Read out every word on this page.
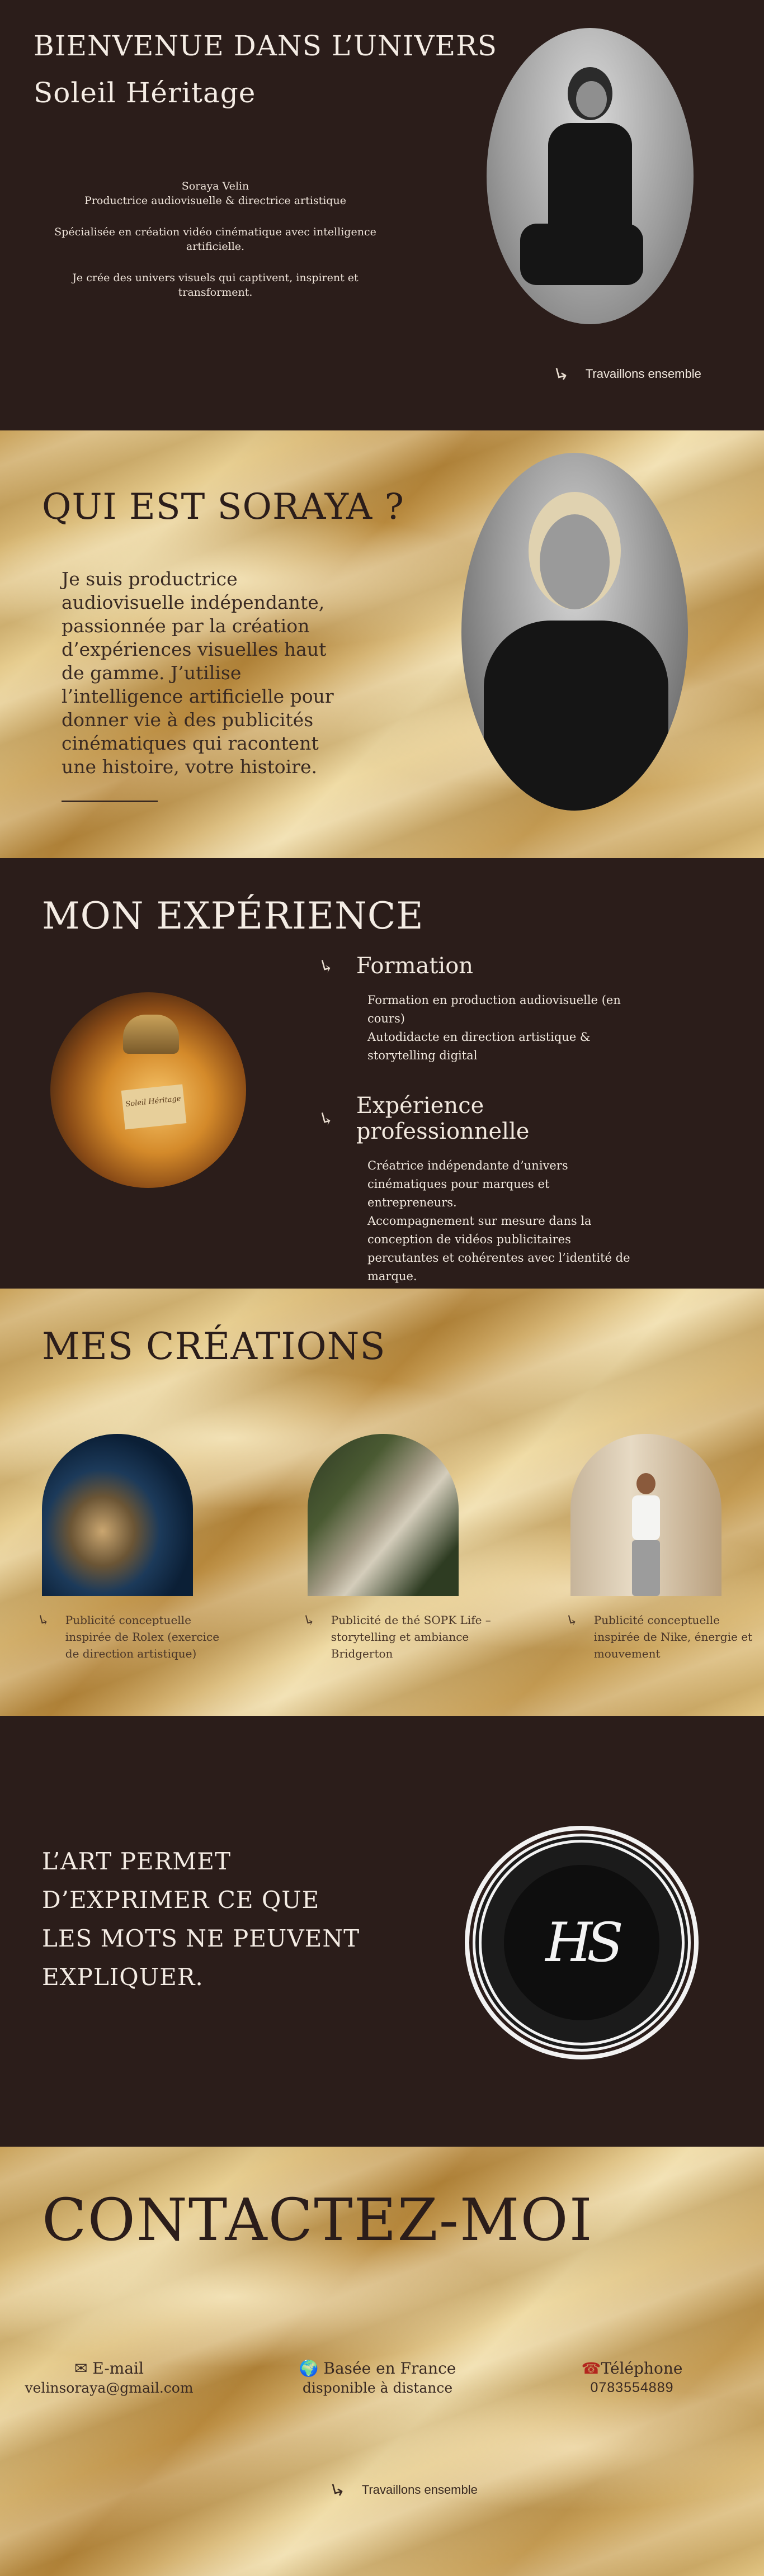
BIENVENUE DANS L’UNIVERS
Soleil Héritage

Soraya Velin
Productrice audiovisuelle & directrice artistique

Spécialisée en création vidéo cinématique avec intelligence artificielle.

Je crée des univers visuels qui captivent, inspirent et transforment.

↳ Travaillons ensemble
QUI EST SORAYA ?

Je suis productrice audiovisuelle indépendante, passionnée par la création d’expériences visuelles haut de gamme. J’utilise l’intelligence artificielle pour donner vie à des publicités cinématiques qui racontent une histoire, votre histoire.

MON EXPÉRIENCE
Soleil Héritage
↳ Formation
Formation en production audiovisuelle (en cours)
Autodidacte en direction artistique & storytelling digital
↳ Expérience professionnelle
Créatrice indépendante d’univers cinématiques pour marques et entrepreneurs.
Accompagnement sur mesure dans la conception de vidéos publicitaires percutantes et cohérentes avec l’identité de marque.
MES CRÉATIONS
↳	Publicité conceptuelle inspirée de Rolex (exercice de direction artistique)
↳	Publicité de thé SOPK Life – storytelling et ambiance Bridgerton
↳	Publicité conceptuelle inspirée de Nike, énergie et mouvement

L’ART PERMET D’EXPRIMER CE QUE LES MOTS NE PEUVENT EXPLIQUER.

HS
CONTACTEZ-MOI
✉ E-mail
velinsoraya@gmail.com
🌍 Basée en France
disponible à distance
☎Téléphone
0783554889
↳ Travaillons ensemble
